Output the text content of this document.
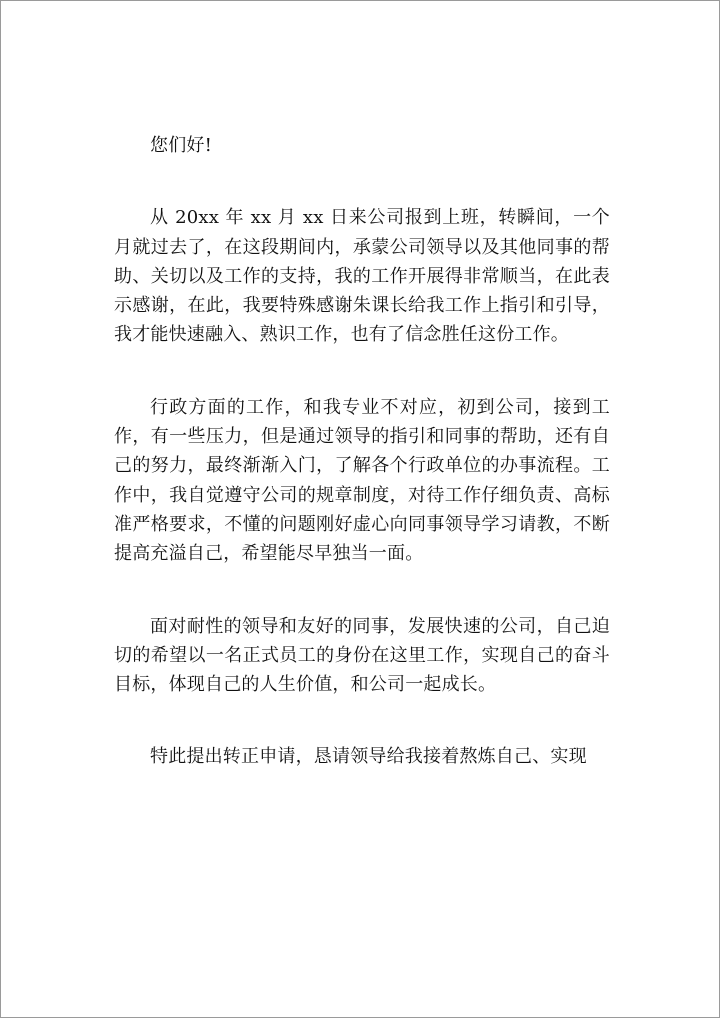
您们好!

从 20xx 年 xx 月 xx 日来公司报到上班，转瞬间，一个月就过去了，在这段期间内，承蒙公司领导以及其他同事的帮助、关切以及工作的支持，我的工作开展得非常顺当，在此表示感谢，在此，我要特殊感谢朱课长给我工作上指引和引导，我才能快速融入、熟识工作，也有了信念胜任这份工作。

行政方面的工作，和我专业不对应，初到公司，接到工作，有一些压力，但是通过领导的指引和同事的帮助，还有自己的努力，最终渐渐入门，了解各个行政单位的办事流程。工作中，我自觉遵守公司的规章制度，对待工作仔细负责、高标准严格要求，不懂的问题刚好虚心向同事领导学习请教，不断提高充溢自己，希望能尽早独当一面。

面对耐性的领导和友好的同事，发展快速的公司，自己迫切的希望以一名正式员工的身份在这里工作，实现自己的奋斗目标，体现自己的人生价值，和公司一起成长。

特此提出转正申请，恳请领导给我接着熬炼自己、实现
